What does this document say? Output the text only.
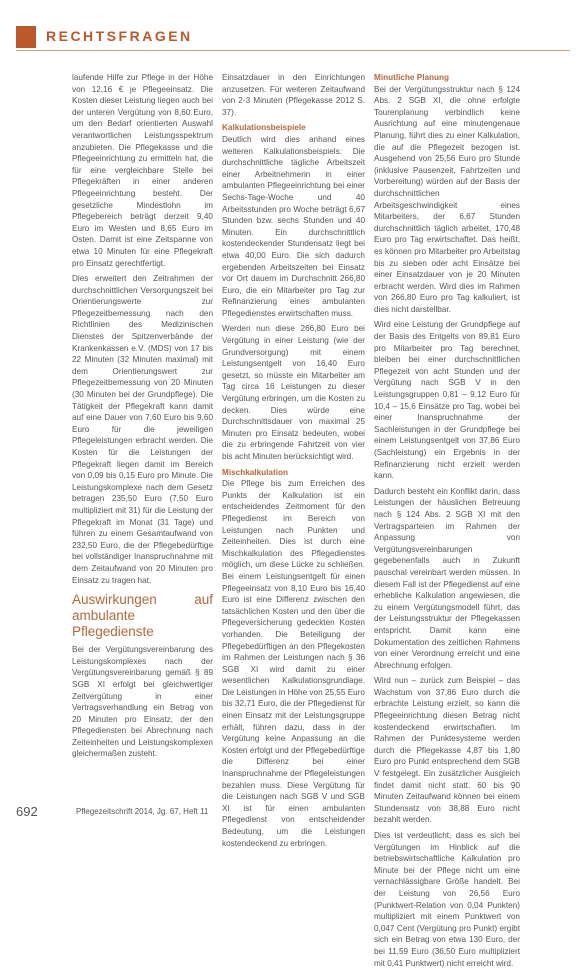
RECHTSFRAGEN

laufende Hilfe zur Pflege in der Höhe von 12,16 € je Pflegeeinsatz. Die Kosten dieser Leistung liegen auch bei der unteren Vergütung von 8,60 Euro, um den Bedarf orientierten Auswahl verantwortlichen Leistungsspektrum anzubieten. Die Pflegekasse und die Pflegeeinrichtung zu ermitteln hat, die für eine vergleichbare Stelle bei Pflegekräften in einer anderen Pflegeeinrichtung besteht. Der gesetzliche Mindestlohn im Pflegebereich beträgt derzeit 9,40 Euro im Westen und 8,65 Euro im Osten. Damit ist eine Zeitspanne von etwa 10 Minuten für eine Pflegekraft pro Einsatz gerechtfertigt.

Dies erweitert den Zeitrahmen der durchschnittlichen Versorgungszeit bei Orientierungswerte zur Pflegezeitbemessung nach den Richtlinien des Medizinischen Dienstes der Spitzenverbände der Krankenkassen e.V. (MDS) von 17 bis 22 Minuten (32 Minuten maximal) mit dem Orientierungswert zur Pflegezeitbemessung von 20 Minuten (30 Minuten bei der Grundpflege). Die Tätigkeit der Pflegekraft kann damit auf eine Dauer von 7,60 Euro bis 9,60 Euro für die jeweiligen Pflegeleistungen erbracht werden. Die Kosten für die Leistungen der Pflegekraft liegen damit im Bereich von 0,09 bis 0,15 Euro pro Minute. Die Leistungskomplexe nach dem Gesetz betragen 235,50 Euro (7,50 Euro multipliziert mit 31) für die Leistung der Pflegekraft im Monat (31 Tage) und führen zu einem Gesamtaufwand von 232,50 Euro, die der Pflegebedürftige bei vollständiger Inanspruchnahme mit dem Zeitaufwand von 20 Minuten pro Einsatz zu tragen hat.

Auswirkungen auf ambulante Pflegedienste

Bei der Vergütungsvereinbarung des Leistungskomplexes nach der Vergütungsvereinbarung gemäß § 89 SGB XI erfolgt bei gleichwertiger Zeitvergütung in einer Vertragsverhandlung ein Betrag von 20 Minuten pro Einsatz, der den Pflegediensten bei Abrechnung nach Zeiteinheiten und Leistungskomplexen gleichermaßen zusteht.

Einsatzdauer in den Einrichtungen anzusetzen. Für weiteren Zeitaufwand von 2-3 Minuten (Pflegekasse 2012 S. 37).

Kalkulationsbeispiele

Deutlich wird dies anhand eines weiteren Kalkulationsbeispiels: Die durchschnittliche tägliche Arbeitszeit einer Arbeitnehmerin in einer ambulanten Pflegeeinrichtung bei einer Sechs-Tage-Woche und 40 Arbeitsstunden pro Woche beträgt 6,67 Stunden bzw. sechs Stunden und 40 Minuten. Ein durchschnittlich kostendeckender Stundensatz liegt bei etwa 40,00 Euro. Die sich dadurch ergebenden Arbeitszeiten bei Einsatz vor Ort dauern im Durchschnitt 266,80 Euro, die ein Mitarbeiter pro Tag zur Refinanzierung eines ambulanten Pflegedienstes erwirtschaften muss.

Werden nun diese 266,80 Euro bei Vergütung in einer Leistung (wie der Grundversorgung) mit einem Leistungsentgelt von 16,40 Euro gesetzt, so müsste ein Mitarbeiter am Tag circa 16 Leistungen zu dieser Vergütung erbringen, um die Kosten zu decken. Dies würde eine Durchschnittsdauer von maximal 25 Minuten pro Einsatz bedeuten, wobei die zu erbringende Fahrtzeit von vier bis acht Minuten berücksichtigt wird.

Mischkalkulation

Die Pflege bis zum Erreichen des Punkts der Kalkulation ist ein entscheidendes Zeitmoment für den Pflegedienst im Bereich von Leistungen nach Punkten und Zeiteinheiten. Dies ist durch eine Mischkalkulation des Pflegedienstes möglich, um diese Lücke zu schließen. Bei einem Leistungsentgelt für einen Pflegeeinsatz von 8,10 Euro bis 16,40 Euro ist eine Differenz zwischen den tatsächlichen Kosten und den über die Pflegeversicherung gedeckten Kosten vorhanden. Die Beteiligung der Pflegebedürftigen an den Pflegekosten im Rahmen der Leistungen nach § 36 SGB XI wird damit zu einer wesentlichen Kalkulationsgrundlage. Die Leistungen in Höhe von 25,55 Euro bis 32,71 Euro, die der Pflegedienst für einen Einsatz mit der Leistungsgruppe erhält, führen dazu, dass in der Vergütung keine Anpassung an die Kosten erfolgt und der Pflegebedürftige die Differenz bei einer Inanspruchnahme der Pflegeleistungen bezahlen muss. Diese Vergütung für die Leistungen nach SGB V und SGB XI ist für einen ambulanten Pflegedienst von entscheidender Bedeutung, um die Leistungen kostendeckend zu erbringen.

Minutliche Planung

Bei der Vergütungsstruktur nach § 124 Abs. 2 SGB XI, die ohne erfolgte Tourenplanung verbindlich keine Ausrichtung auf eine minutengenaue Planung, führt dies zu einer Kalkulation, die auf die Pflegezeit bezogen ist. Ausgehend von 25,56 Euro pro Stunde (inklusive Pausenzeit, Fahrtzeiten und Vorbereitung) würden auf der Basis der durchschnittlichen Arbeitsgeschwindigkeit eines Mitarbeiters, der 6,67 Stunden durchschnittlich täglich arbeitet, 170,48 Euro pro Tag erwirtschaftet. Das heißt, es können pro Mitarbeiter pro Arbeitstag bis zu sieben oder acht Einsätze bei einer Einsatzdauer von je 20 Minuten erbracht werden. Wird dies im Rahmen von 266,80 Euro pro Tag kalkuliert, ist dies nicht darstellbar.

Wird eine Leistung der Grundpflege auf der Basis des Entgelts von 89,81 Euro pro Mitarbeiter pro Tag berechnet, bleiben bei einer durchschnittlichen Pflegezeit von acht Stunden und der Vergütung nach SGB V in den Leistungsgruppen 0,81 – 9,12 Euro für 10,4 – 15,6 Einsätze pro Tag, wobei bei einer Inanspruchnahme der Sachleistungen in der Grundpflege bei einem Leistungsentgelt von 37,86 Euro (Sachleistung) ein Ergebnis in der Refinanzierung nicht erzielt werden kann.

Dadurch besteht ein Konflikt darin, dass Leistungen der häuslichen Betreuung nach § 124 Abs. 2 SGB XI mit den Vertragsparteien im Rahmen der Anpassung von Vergütungsvereinbarungen gegebenenfalls auch in Zukunft pauschal vereinbart werden müssen. In diesem Fall ist der Pflegedienst auf eine erhebliche Kalkulation angewiesen, die zu einem Vergütungsmodell führt, das der Leistungsstruktur der Pflegekassen entspricht. Damit kann eine Dokumentation des zeitlichen Rahmens von einer Verordnung erreicht und eine Abrechnung erfolgen.

Wird nun – zurück zum Beispiel – das Wachstum von 37,86 Euro durch die erbrachte Leistung erzielt, so kann die Pflegeeinrichtung diesen Betrag nicht kostendeckend erwirtschaften. Im Rahmen der Punktesysteme werden durch die Pflegekasse 4,87 bis 1,80 Euro pro Punkt entsprechend dem SGB V festgelegt. Ein zusätzlicher Ausgleich findet damit nicht statt. 60 bis 90 Minuten Zeitaufwand können bei einem Stundensatz von 38,88 Euro nicht bezahlt werden.

Dies ist verdeutlicht, dass es sich bei Vergütungen im Hinblick auf die betriebswirtschaftliche Kalkulation pro Minute bei der Pflege nicht um eine vernachlässigbare Größe handelt. Bei der Leistung von 26,56 Euro (Punktwert-Relation von 0,04 Punkten) multipliziert mit einem Punktwert von 0,047 Cent (Vergütung pro Punkt) ergibt sich ein Betrag von etwa 130 Euro, der bei 11,59 Euro (36,50 Euro multipliziert mit 0,41 Punktwert) nicht erreicht wird.

692	Pflegezeitschrift 2014, Jg. 67, Heft 11
